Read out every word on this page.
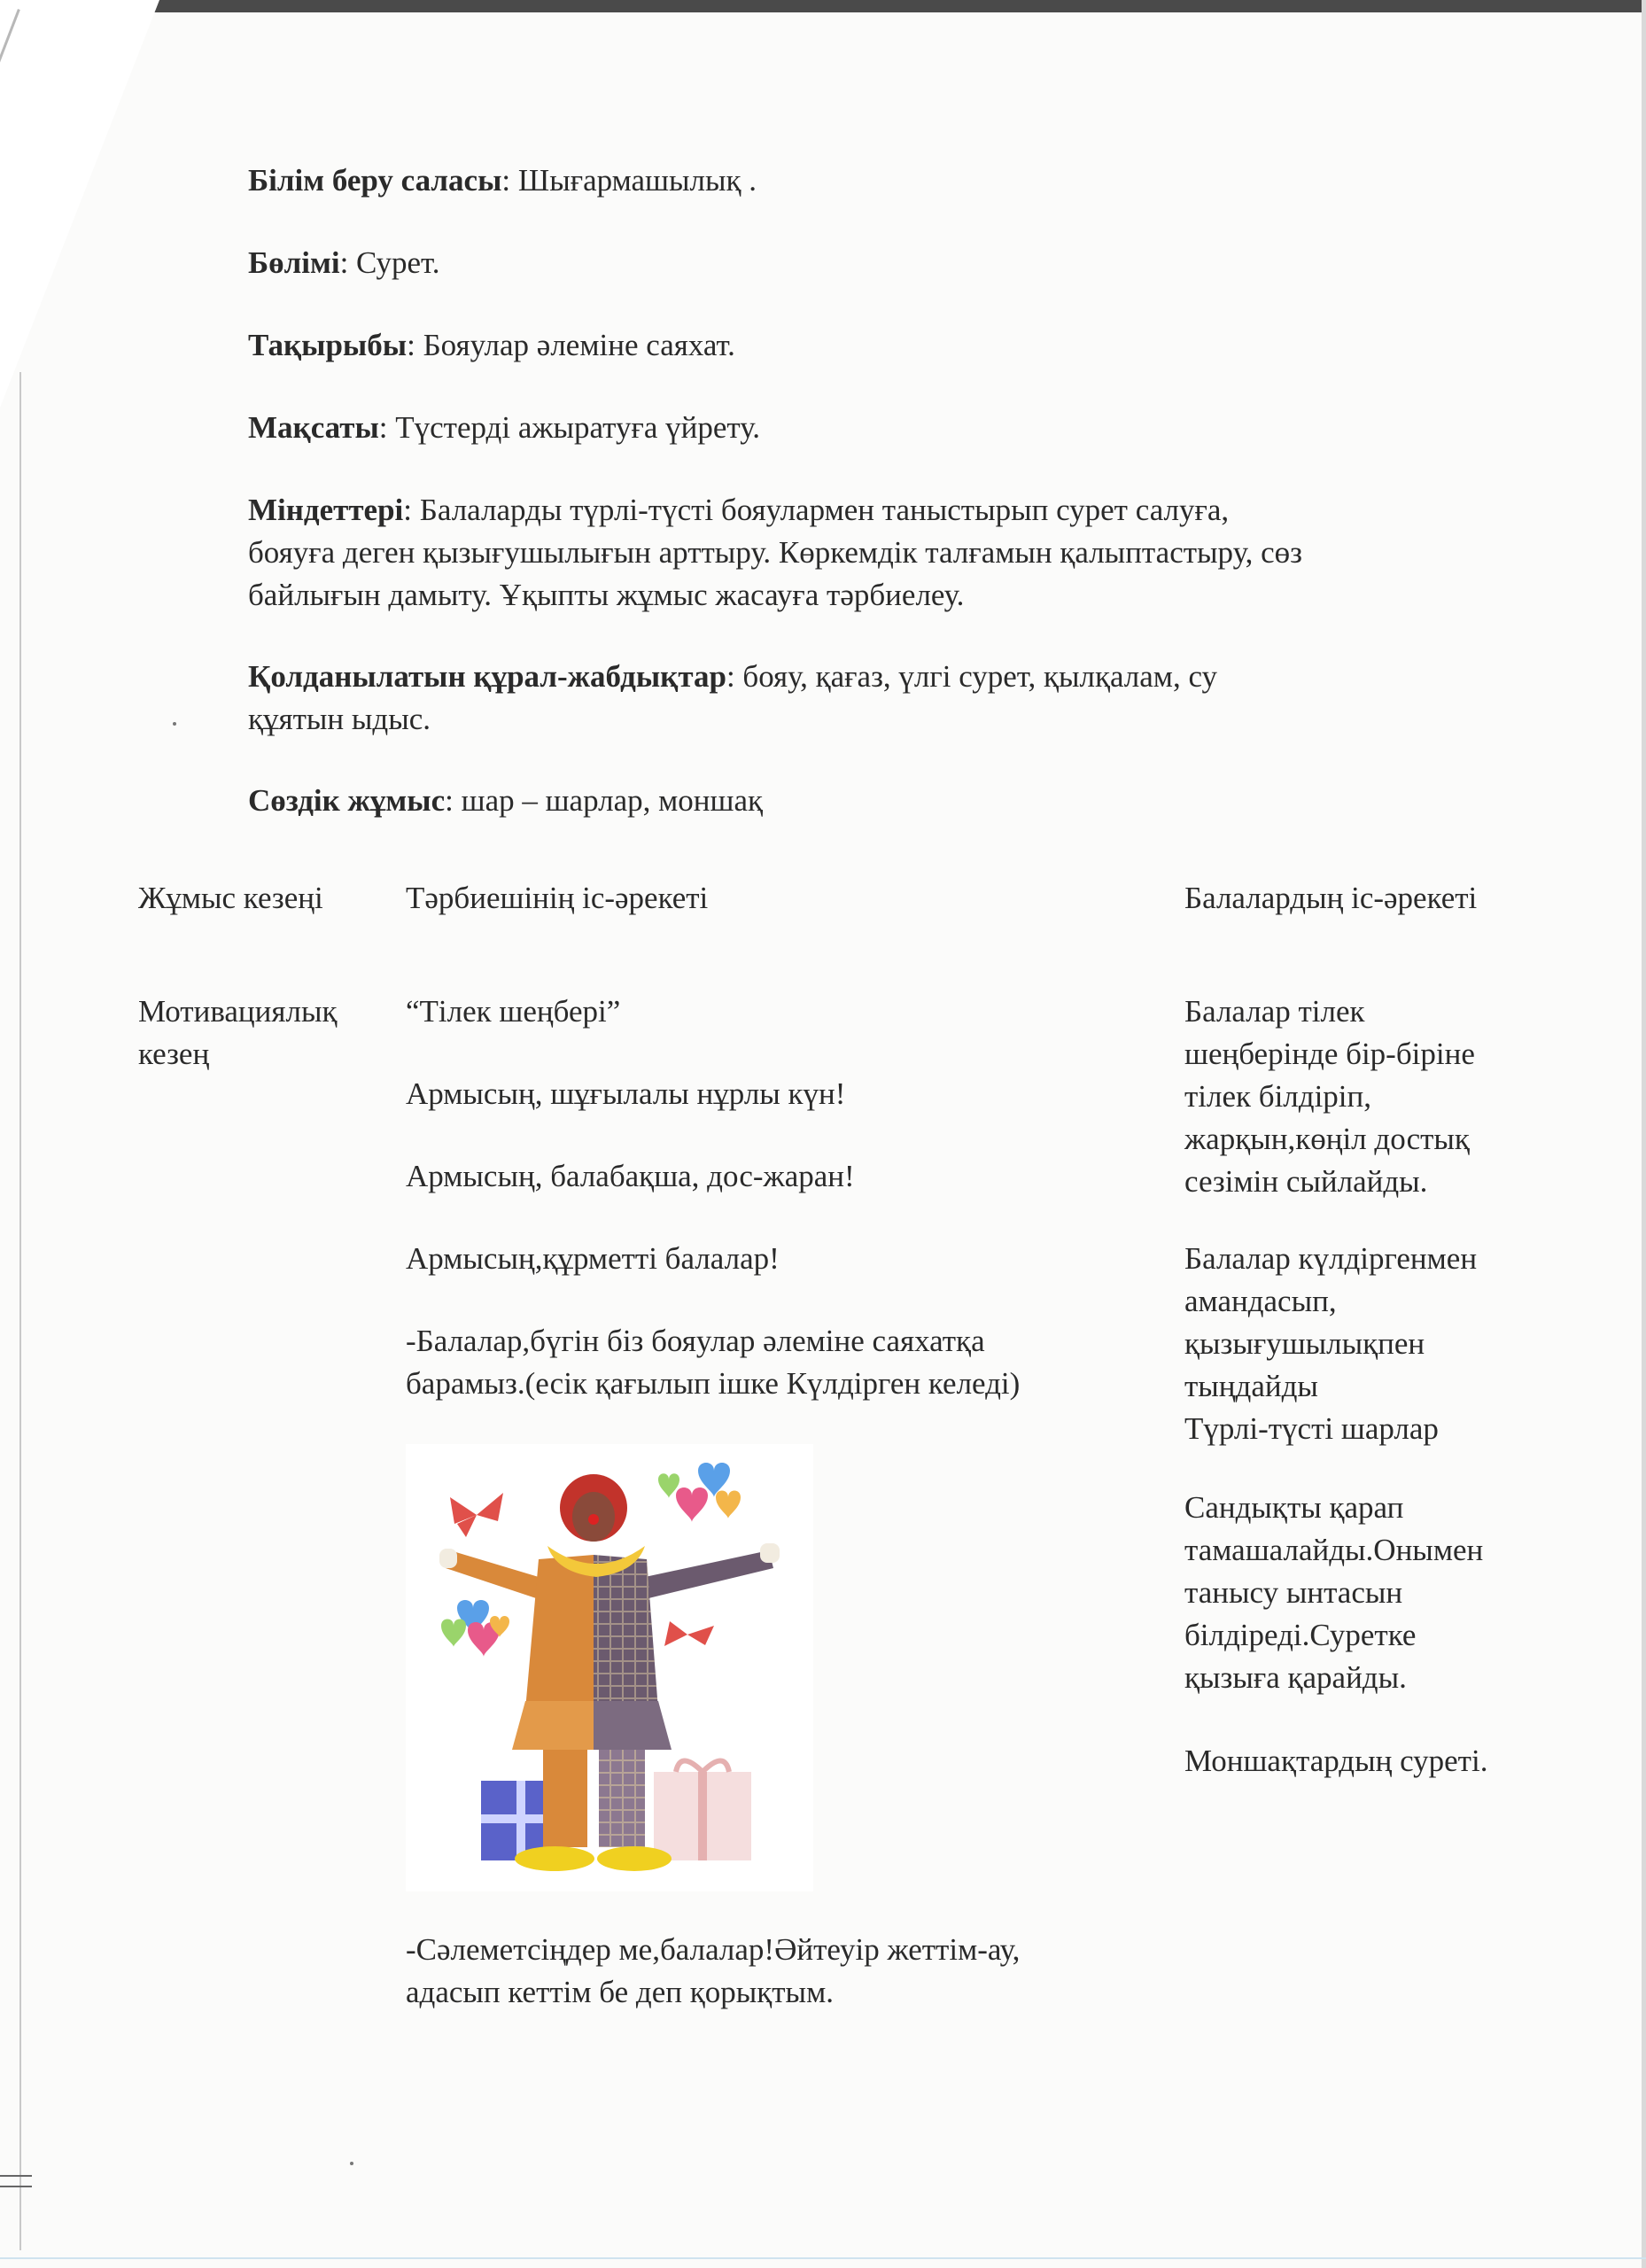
Білім беру саласы: Шығармашылық .
Бөлімі: Сурет.
Тақырыбы: Бояулар әлеміне саяхат.
Мақсаты: Түстерді ажыратуға үйрету.
Міндеттері: Балаларды түрлі-түсті бояулармен таныстырып сурет салуға,
бояуға деген қызығушылығын арттыру. Көркемдік талғамын қалыптастыру, сөз
байлығын дамыту. Ұқыпты жұмыс жасауға тәрбиелеу.
Қолданылатын құрал-жабдықтар: бояу, қағаз, үлгі сурет, қылқалам, су
құятын ыдыс.
Сөздік жұмыс: шар – шарлар, моншақ
Жұмыс кезеңі	Тәрбиешінің іс-әрекеті	Балалардың іс-әрекеті
Мотивациялық
кезең
“Тілек шеңбері”
Армысың, шұғылалы нұрлы күн!
Армысың, балабақша, дос-жаран!
Армысың,құрметті балалар!
-Балалар,бүгін біз бояулар әлеміне саяхатқа
барамыз.(есік қағылып ішке Күлдірген келеді)
-Сәлеметсіңдер ме,балалар!Әйтеуір жеттім-ау,
адасып кеттім бе деп қорықтым.
Балалар тілек
шеңберінде бір-біріне
тілек білдіріп,
жарқын,көңіл достық
сезімін сыйлайды.
Балалар күлдіргенмен
амандасып,
қызығушылықпен
тыңдайды
Түрлі-түсті шарлар
Сандықты қарап
тамашалайды.Онымен
танысу ынтасын
білдіреді.Суретке
қызыға қарайды.
Моншақтардың суреті.
